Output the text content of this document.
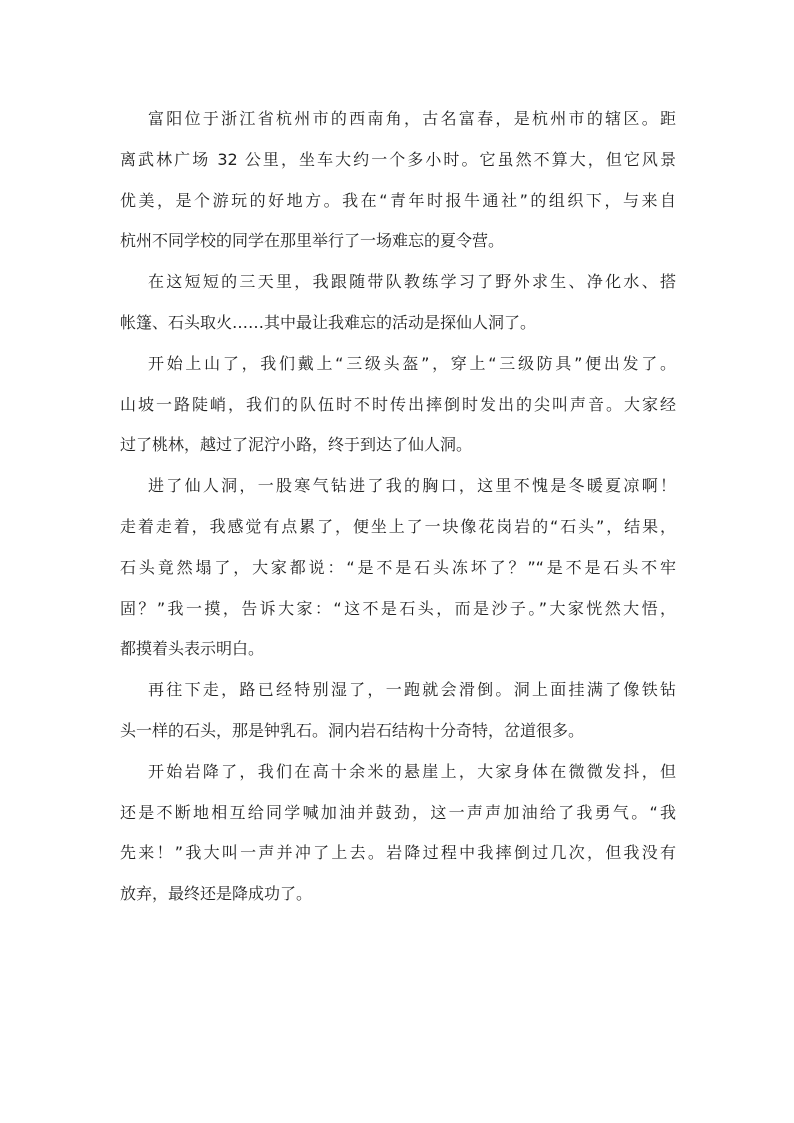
富阳位于浙江省杭州市的西南角，古名富春，是杭州市的辖区。距
离武林广场 32 公里，坐车大约一个多小时。它虽然不算大，但它风景
优美，是个游玩的好地方。我在“青年时报牛通社”的组织下，与来自
杭州不同学校的同学在那里举行了一场难忘的夏令营。
在这短短的三天里，我跟随带队教练学习了野外求生、净化水、搭
帐篷、石头取火……其中最让我难忘的活动是探仙人洞了。
开始上山了，我们戴上“三级头盔”，穿上“三级防具”便出发了。
山坡一路陡峭，我们的队伍时不时传出摔倒时发出的尖叫声音。大家经
过了桃林，越过了泥泞小路，终于到达了仙人洞。
进了仙人洞，一股寒气钻进了我的胸口，这里不愧是冬暖夏凉啊！
走着走着，我感觉有点累了，便坐上了一块像花岗岩的“石头”，结果，
石头竟然塌了，大家都说：“是不是石头冻坏了？”“是不是石头不牢
固？”我一摸，告诉大家：“这不是石头，而是沙子。”大家恍然大悟，
都摸着头表示明白。
再往下走，路已经特别湿了，一跑就会滑倒。洞上面挂满了像铁钻
头一样的石头，那是钟乳石。洞内岩石结构十分奇特，岔道很多。
开始岩降了，我们在高十余米的悬崖上，大家身体在微微发抖，但
还是不断地相互给同学喊加油并鼓劲，这一声声加油给了我勇气。“我
先来！”我大叫一声并冲了上去。岩降过程中我摔倒过几次，但我没有
放弃，最终还是降成功了。
